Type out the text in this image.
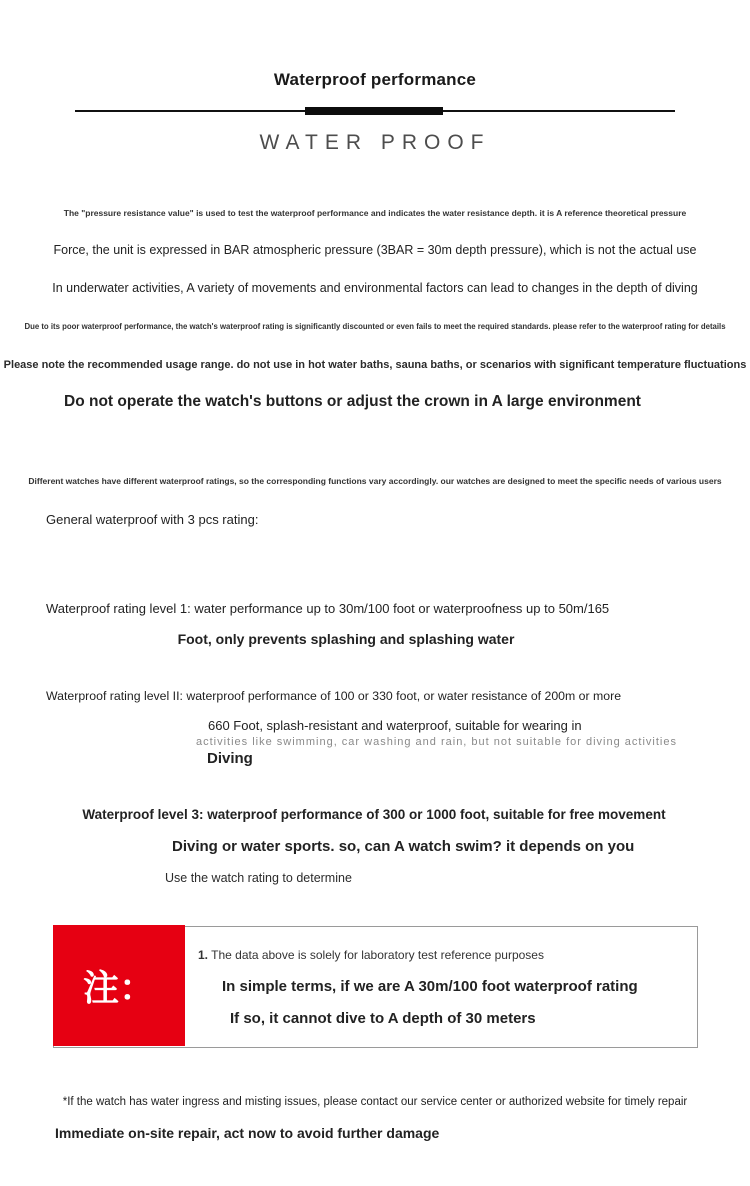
Waterproof performance
WATER PROOF
The "pressure resistance value" is used to test the waterproof performance and indicates the water resistance depth. it is A reference theoretical pressure
Force, the unit is expressed in BAR atmospheric pressure (3BAR = 30m depth pressure), which is not the actual use
In underwater activities, A variety of movements and environmental factors can lead to changes in the depth of diving
Due to its poor waterproof performance, the watch's waterproof rating is significantly discounted or even fails to meet the required standards. please refer to the waterproof rating for details
Please note the recommended usage range. do not use in hot water baths, sauna baths, or scenarios with significant temperature fluctuations
Do not operate the watch's buttons or adjust the crown in A large environment
Different watches have different waterproof ratings, so the corresponding functions vary accordingly. our watches are designed to meet the specific needs of various users
General waterproof with 3 pcs rating:
Waterproof rating level 1: water performance up to 30m/100 foot or waterproofness up to 50m/165
Foot, only prevents splashing and splashing water
Waterproof rating level II: waterproof performance of 100 or 330 foot, or water resistance of 200m or more
660 Foot, splash-resistant and waterproof, suitable for wearing in
activities like swimming, car washing and rain, but not suitable for diving activities
Diving
Waterproof level 3: waterproof performance of 300 or 1000 foot, suitable for free movement
Diving or water sports. so, can A watch swim? it depends on you
Use the watch rating to determine
注：
1. The data above is solely for laboratory test reference purposes
In simple terms, if we are A 30m/100 foot waterproof rating
If so, it cannot dive to A depth of 30 meters
*If the watch has water ingress and misting issues, please contact our service center or authorized website for timely repair
Immediate on-site repair, act now to avoid further damage
